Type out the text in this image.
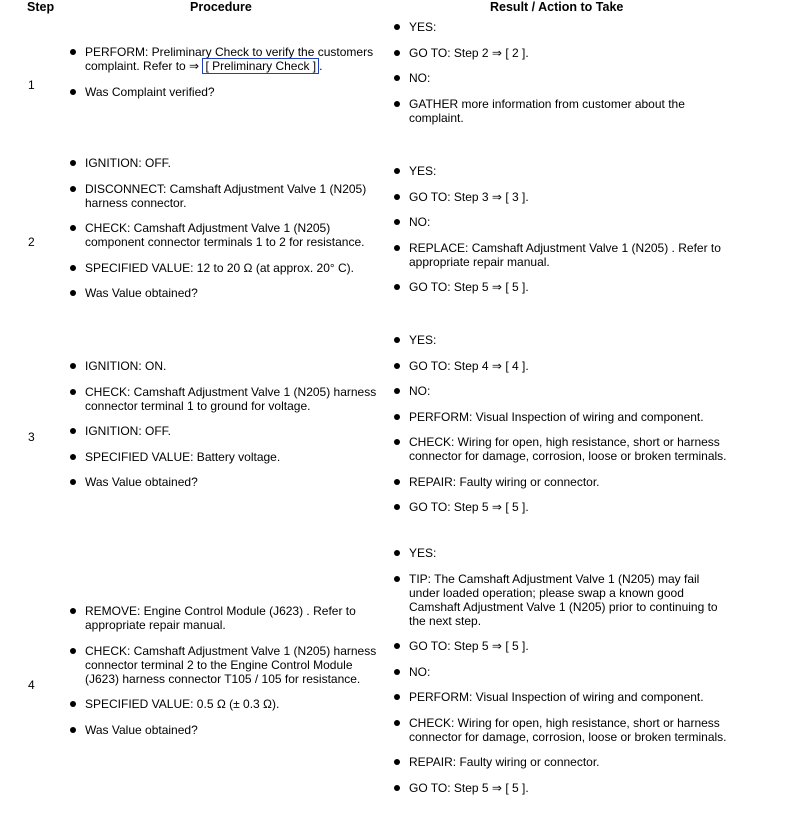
Step	Procedure	Result / Action to Take
1
PERFORM: Preliminary Check to verify the customers complaint. Refer to ⇒ [ Preliminary Check ] .
Was Complaint verified?
YES:
GO TO: Step 2 ⇒ [ 2 ].
NO:
GATHER more information from customer about the complaint.
2
IGNITION: OFF.
DISCONNECT: Camshaft Adjustment Valve 1 (N205) harness connector.
CHECK: Camshaft Adjustment Valve 1 (N205) component connector terminals 1 to 2 for resistance.
SPECIFIED VALUE: 12 to 20 Ω (at approx. 20° C).
Was Value obtained?
YES:
GO TO: Step 3 ⇒ [ 3 ].
NO:
REPLACE: Camshaft Adjustment Valve 1 (N205) . Refer to appropriate repair manual.
GO TO: Step 5 ⇒ [ 5 ].
3
IGNITION: ON.
CHECK: Camshaft Adjustment Valve 1 (N205) harness connector terminal 1 to ground for voltage.
IGNITION: OFF.
SPECIFIED VALUE: Battery voltage.
Was Value obtained?
YES:
GO TO: Step 4 ⇒ [ 4 ].
NO:
PERFORM: Visual Inspection of wiring and component.
CHECK: Wiring for open, high resistance, short or harness connector for damage, corrosion, loose or broken terminals.
REPAIR: Faulty wiring or connector.
GO TO: Step 5 ⇒ [ 5 ].
4
REMOVE: Engine Control Module (J623) . Refer to appropriate repair manual.
CHECK: Camshaft Adjustment Valve 1 (N205) harness connector terminal 2 to the Engine Control Module (J623) harness connector T105 / 105 for resistance.
SPECIFIED VALUE: 0.5 Ω (± 0.3 Ω).
Was Value obtained?
YES:
TIP: The Camshaft Adjustment Valve 1 (N205) may fail under loaded operation; please swap a known good Camshaft Adjustment Valve 1 (N205) prior to continuing to the next step.
GO TO: Step 5 ⇒ [ 5 ].
NO:
PERFORM: Visual Inspection of wiring and component.
CHECK: Wiring for open, high resistance, short or harness connector for damage, corrosion, loose or broken terminals.
REPAIR: Faulty wiring or connector.
GO TO: Step 5 ⇒ [ 5 ].
